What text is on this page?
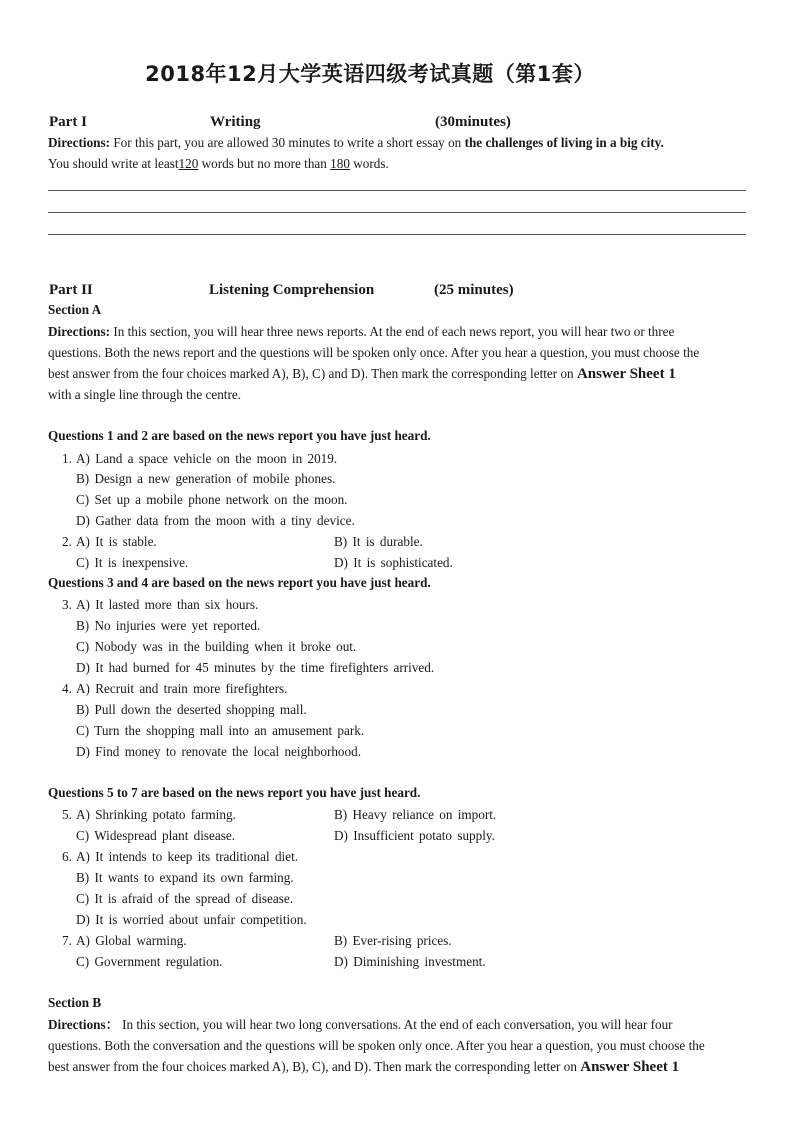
2018年12月大学英语四级考试真题（第1套）
Part I	Writing	(30minutes)
Directions: For this part, you are allowed 30 minutes to write a short essay on the challenges of living in a big city.
You should write at least120 words but no more than 180 words.
Part II	Listening Comprehension	(25 minutes)
Section A
Directions: In this section, you will hear three news reports. At the end of each news report, you will hear two or three
questions. Both the news report and the questions will be spoken only once. After you hear a question, you must choose the
best answer from the four choices marked A), B), C) and D). Then mark the corresponding letter on Answer Sheet 1
with a single line through the centre.
Questions 1 and 2 are based on the news report you have just heard.
1. A) Land a space vehicle on the moon in 2019.
B) Design a new generation of mobile phones.
C) Set up a mobile phone network on the moon.
D) Gather data from the moon with a tiny device.
2. A) It is stable.	B) It is durable.
C) It is inexpensive.	D) It is sophisticated.
Questions 3 and 4 are based on the news report you have just heard.
3. A) It lasted more than six hours.
B) No injuries were yet reported.
C) Nobody was in the building when it broke out.
D) It had burned for 45 minutes by the time firefighters arrived.
4. A) Recruit and train more firefighters.
B) Pull down the deserted shopping mall.
C) Turn the shopping mall into an amusement park.
D) Find money to renovate the local neighborhood.
Questions 5 to 7 are based on the news report you have just heard.
5. A) Shrinking potato farming.	B) Heavy reliance on import.
C) Widespread plant disease.	D) Insufficient potato supply.
6. A) It intends to keep its traditional diet.
B) It wants to expand its own farming.
C) It is afraid of the spread of disease.
D) It is worried about unfair competition.
7. A) Global warming.	B) Ever-rising prices.
C) Government regulation.	D) Diminishing investment.
Section B
Directions： In this section, you will hear two long conversations. At the end of each conversation, you will hear four
questions. Both the conversation and the questions will be spoken only once. After you hear a question, you must choose the
best answer from the four choices marked A), B), C), and D). Then mark the corresponding letter on Answer Sheet 1
